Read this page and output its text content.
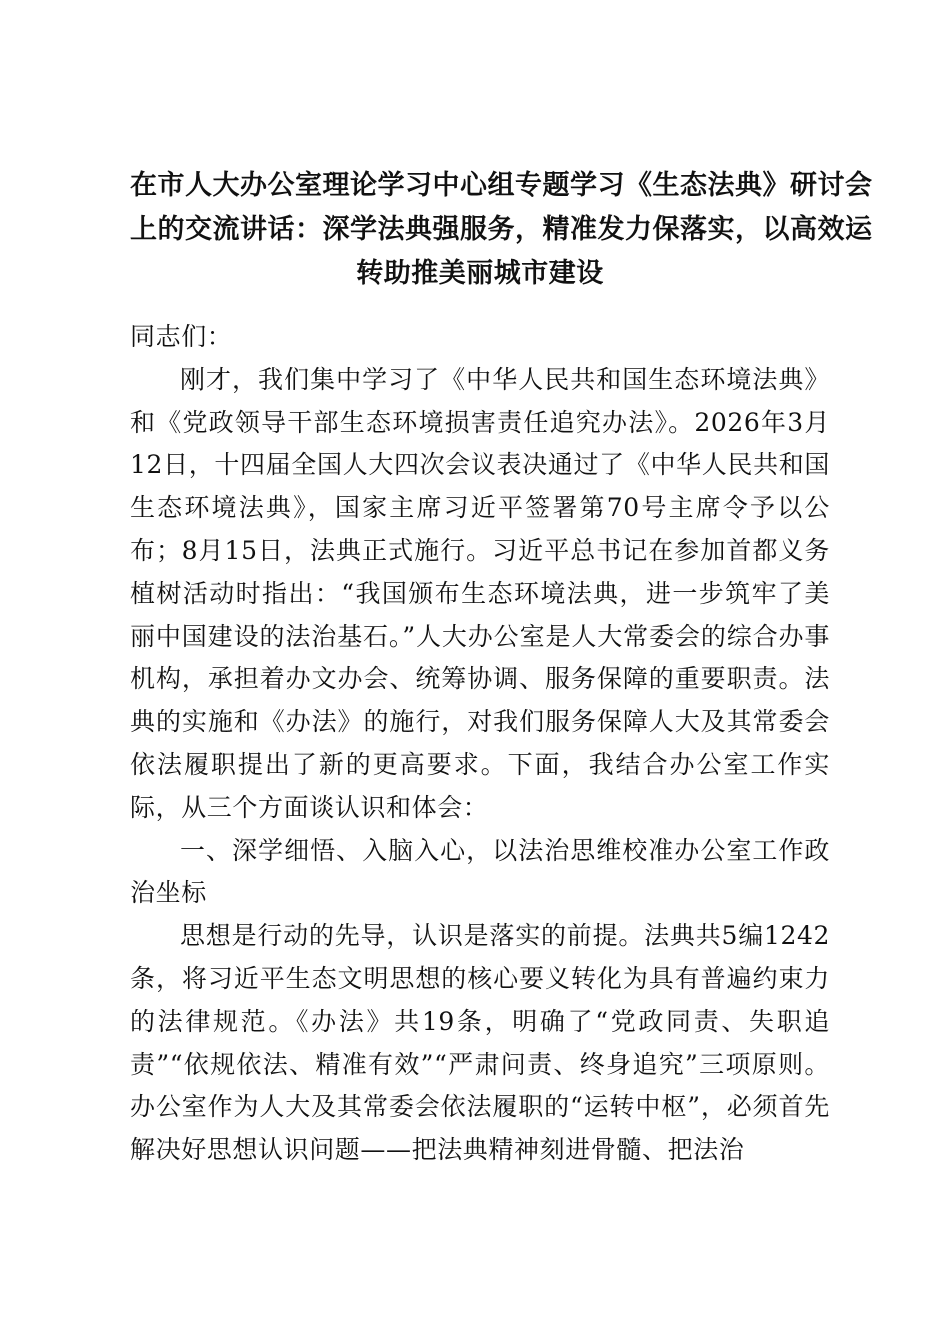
在市人大办公室理论学习中心组专题学习《生态法典》研讨会
上的交流讲话：深学法典强服务，精准发力保落实，以高效运
转助推美丽城市建设

同志们：

刚才，我们集中学习了《中华人民共和国生态环境法典》和《党政领导干部生态环境损害责任追究办法》。2026年3月12日，十四届全国人大四次会议表决通过了《中华人民共和国生态环境法典》，国家主席习近平签署第70号主席令予以公布；8月15日，法典正式施行。习近平总书记在参加首都义务植树活动时指出：“我国颁布生态环境法典，进一步筑牢了美丽中国建设的法治基石。”人大办公室是人大常委会的综合办事机构，承担着办文办会、统筹协调、服务保障的重要职责。法典的实施和《办法》的施行，对我们服务保障人大及其常委会依法履职提出了新的更高要求。下面，我结合办公室工作实际，从三个方面谈认识和体会：

一、深学细悟、入脑入心，以法治思维校准办公室工作政治坐标

思想是行动的先导，认识是落实的前提。法典共5编1242条，将习近平生态文明思想的核心要义转化为具有普遍约束力的法律规范。《办法》共19条，明确了“党政同责、失职追责”“依规依法、精准有效”“严肃问责、终身追究”三项原则。办公室作为人大及其常委会依法履职的“运转中枢”，必须首先解决好思想认识问题——把法典精神刻进骨髓、把法治
